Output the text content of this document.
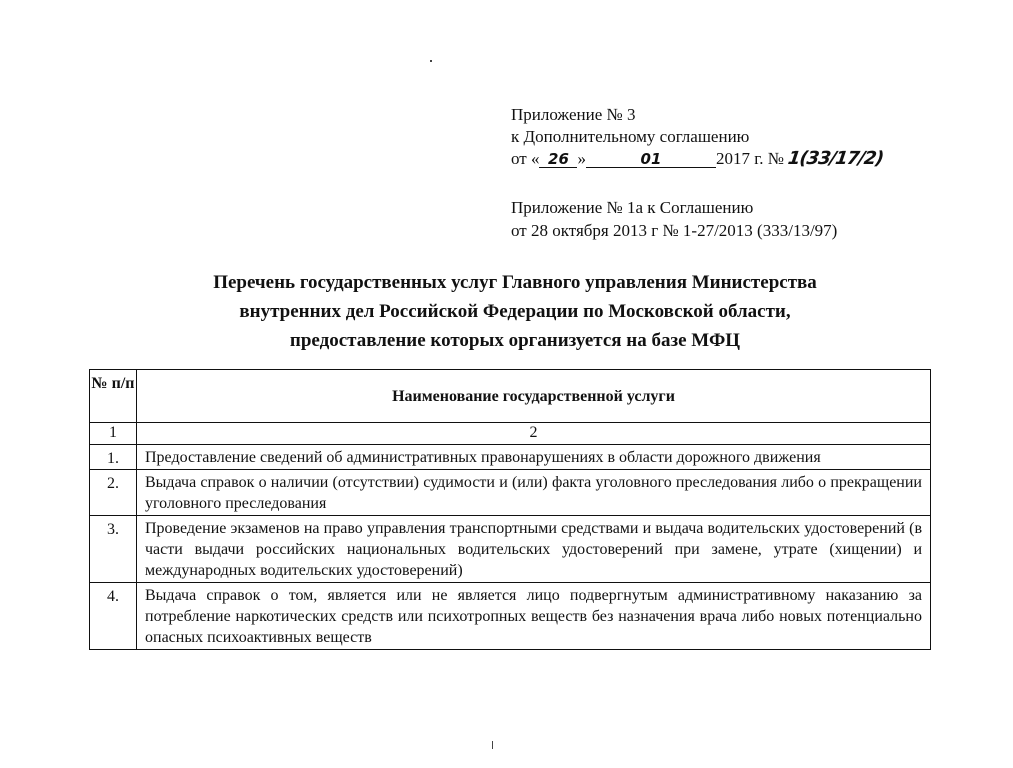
Приложение № 3
к Дополнительному соглашению
от « 26 »	01	2017 г. № 1(33/17/2)
Приложение № 1а к Соглашению
от 28 октября 2013 г № 1-27/2013 (333/13/97)
Перечень государственных услуг Главного управления Министерства
внутренних дел Российской Федерации по Московской области,
предоставление которых организуется на базе МФЦ
№ п/п	Наименование государственной услуги
1	2
1.	Предоставление сведений об административных правонарушениях в области дорожного движения
2.	Выдача справок о наличии (отсутствии) судимости и (или) факта уголовного преследования либо о прекращении уголовного преследования
3.	Проведение экзаменов на право управления транспортными средствами и выдача водительских удостоверений (в части выдачи российских национальных водительских удостоверений при замене, утрате (хищении) и международных водительских удостоверений)
4.	Выдача справок о том, является или не является лицо подвергнутым административному наказанию за потребление наркотических средств или психотропных веществ без назначения врача либо новых потенциально опасных психоактивных веществ
